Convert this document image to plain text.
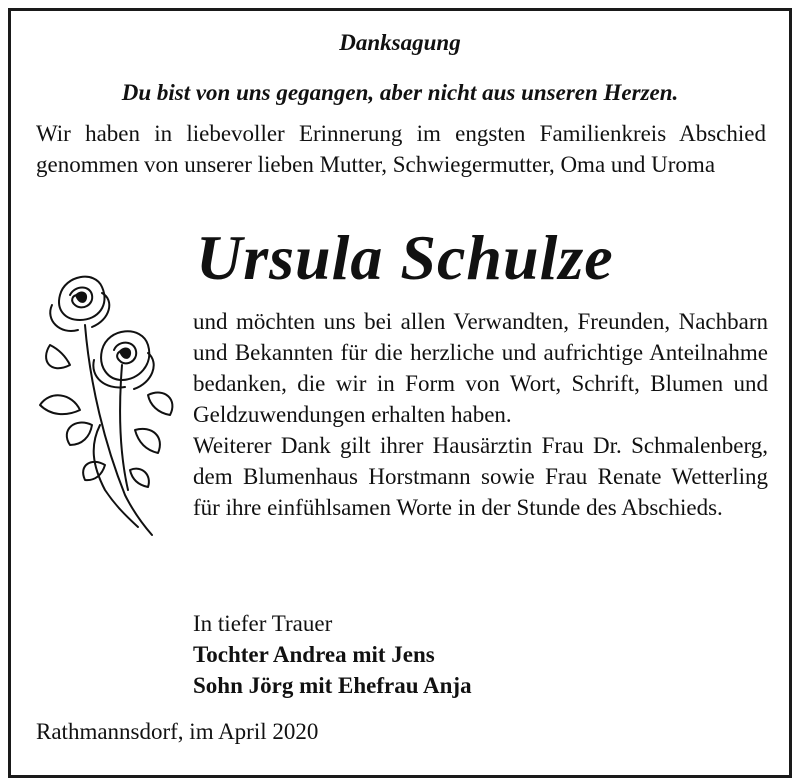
Danksagung
Du bist von uns gegangen, aber nicht aus unseren Herzen.
Wir haben in liebevoller Erinnerung im engsten Familienkreis Abschied genommen von unserer lieben Mutter, Schwiegermutter, Oma und Uroma
Ursula Schulze

und möchten uns bei allen Verwandten, Freunden, Nachbarn und Bekannten für die herzliche und aufrichtige Anteilnahme bedanken, die wir in Form von Wort, Schrift, Blumen und Geldzuwendungen erhalten haben.

Weiterer Dank gilt ihrer Hausärztin Frau Dr. Schmalenberg, dem Blumenhaus Horstmann sowie Frau Renate Wetterling für ihre einfühlsamen Worte in der Stunde des Abschieds.

In tiefer Trauer
Tochter Andrea mit Jens
Sohn Jörg mit Ehefrau Anja
Rathmannsdorf, im April 2020
